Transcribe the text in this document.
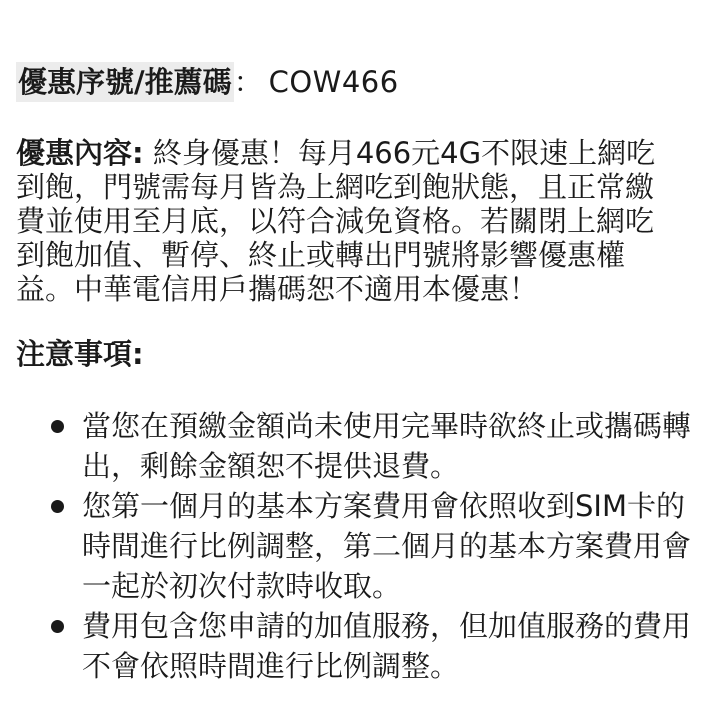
優惠序號/推薦碼 ： COW466
優惠內容: 終身優惠！每月466元4G不限速上網吃
到飽，門號需每月皆為上網吃到飽狀態，且正常繳
費並使用至月底，以符合減免資格。若關閉上網吃
到飽加值、暫停、終止或轉出門號將影響優惠權
益。中華電信用戶攜碼恕不適用本優惠！
注意事項:
當您在預繳金額尚未使用完畢時欲終止或攜碼轉
出，剩餘金額恕不提供退費。
您第一個月的基本方案費用會依照收到SIM卡的
時間進行比例調整，第二個月的基本方案費用會
一起於初次付款時收取。
費用包含您申請的加值服務，但加值服務的費用
不會依照時間進行比例調整。
